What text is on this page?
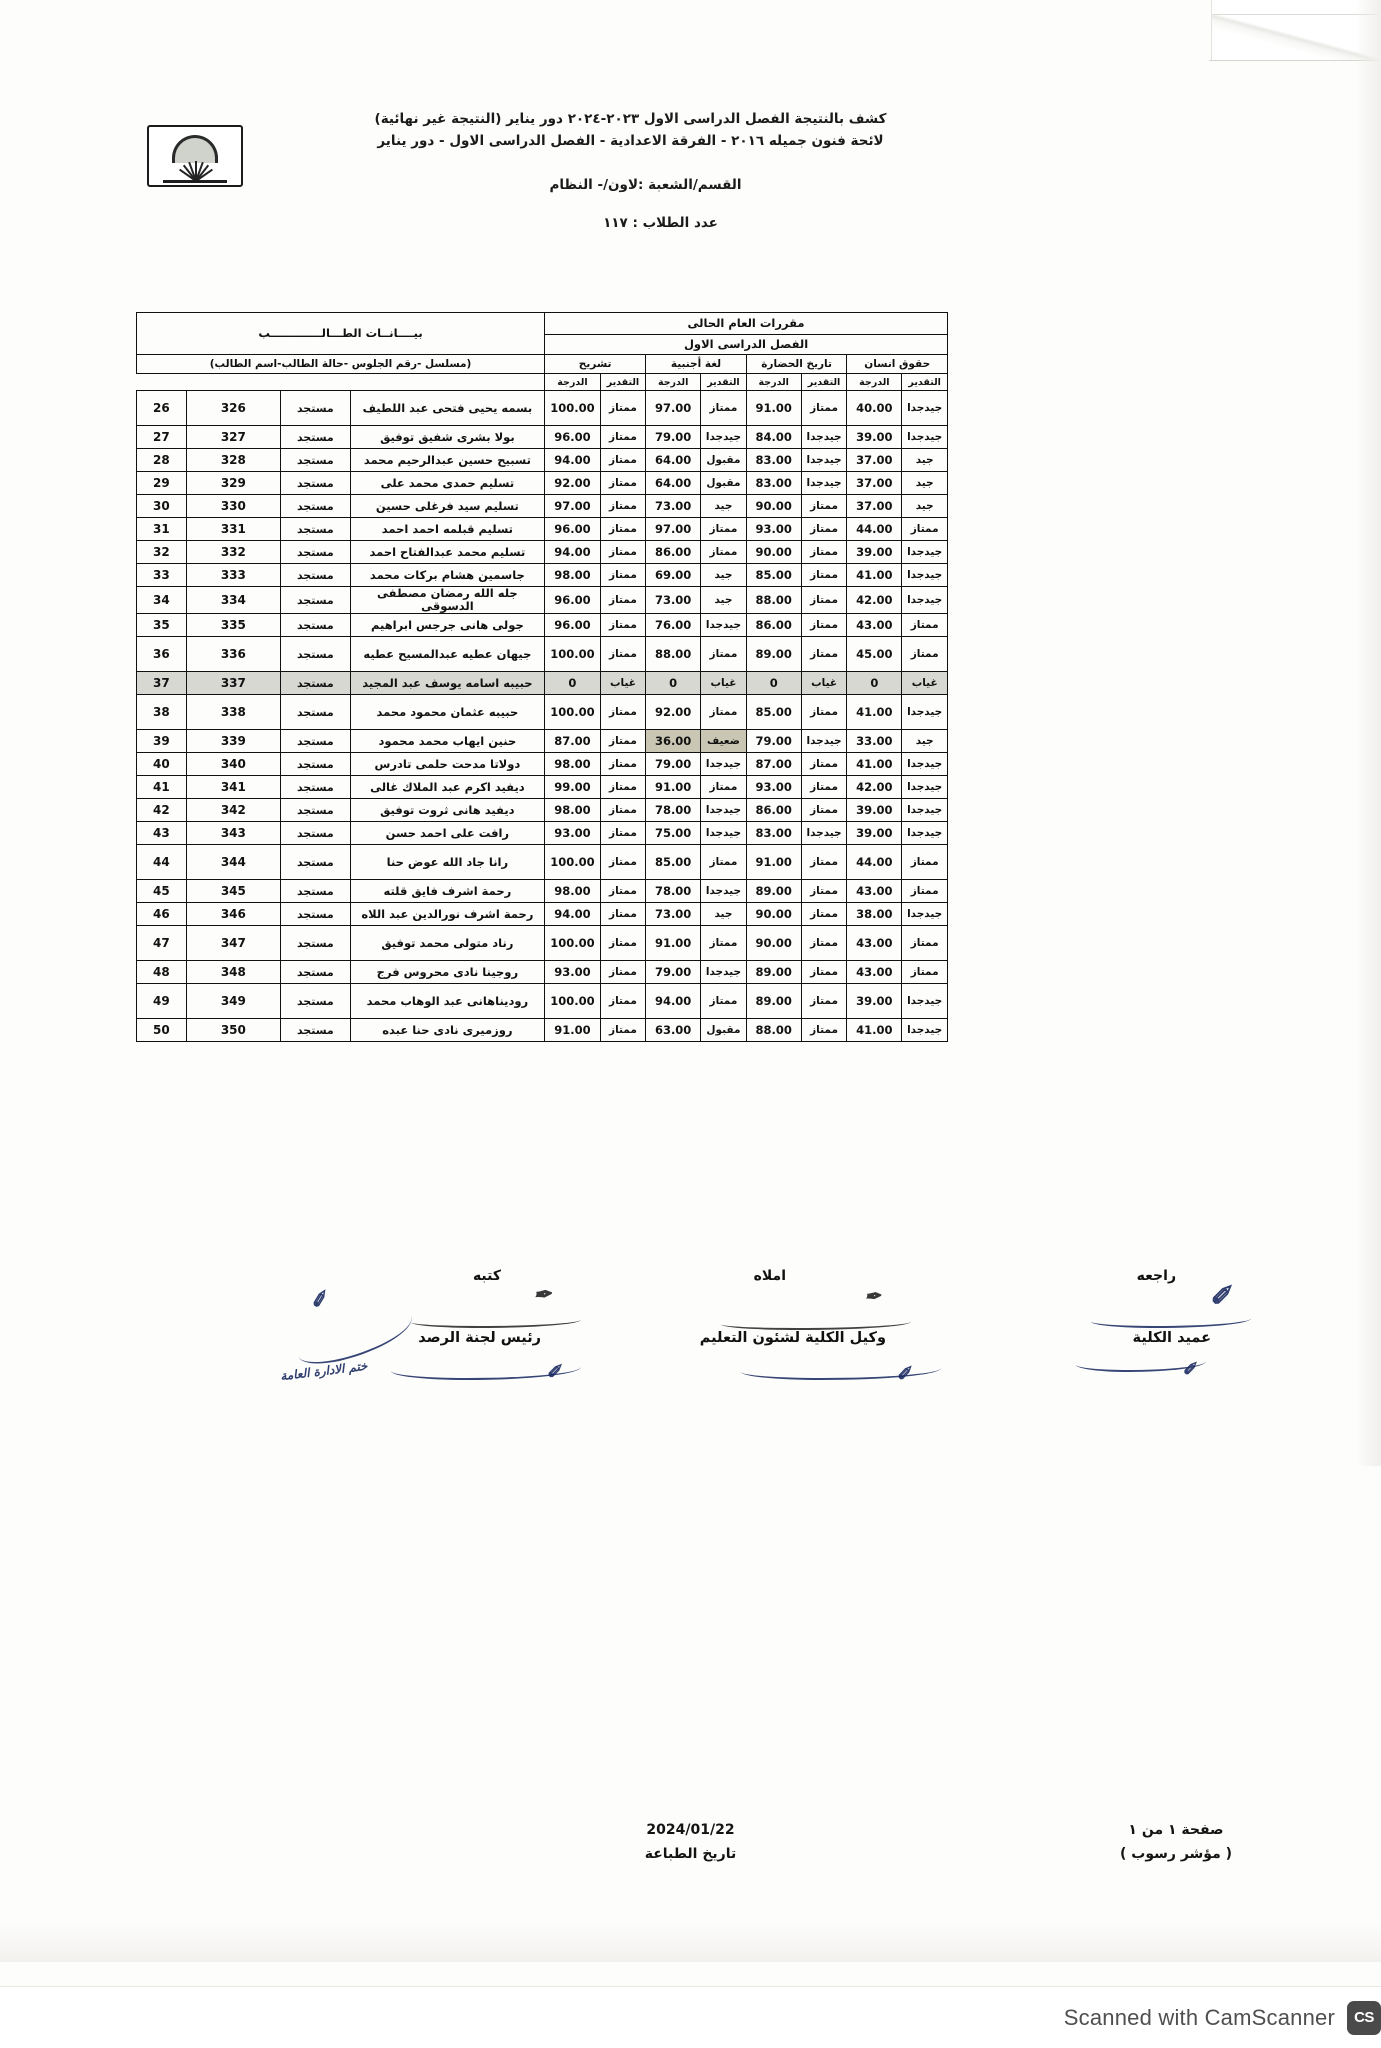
كشف بالنتيجة الفصل الدراسى الاول ٢٠٢٣-٢٠٢٤ دور يناير (النتيجة غير نهائية)
لائحة فنون جميله ٢٠١٦ - الفرقة الاعدادية - الفصل الدراسى الاول - دور يناير
القسم/الشعبة :لاون/- النظام
عدد الطلاب : ١١٧
مقررات العام الحالى								بيــــانــات الطـــالـــــــــــــب			
الفصل الدراسى الاول											
حقوق انسان		تاريخ الحضارة		لغة أجنبية		تشريح		(مسلسل -رقم الجلوس -حالة الطالب-اسم الطالب)			
التقدير	الدرجة	التقدير	الدرجة	التقدير	الدرجة	التقدير	الدرجة				
جيدجدا	40.00	ممتاز	91.00	ممتاز	97.00	ممتاز	100.00	بسمه يحيى فتحى عبد اللطيف	مستجد	326	26
جيدجدا	39.00	جيدجدا	84.00	جيدجدا	79.00	ممتاز	96.00	بولا بشرى شفيق توفيق	مستجد	327	27
جيد	37.00	جيدجدا	83.00	مقبول	64.00	ممتاز	94.00	تسبيح حسين عبدالرحيم محمد	مستجد	328	28
جيد	37.00	جيدجدا	83.00	مقبول	64.00	ممتاز	92.00	تسليم حمدى محمد على	مستجد	329	29
جيد	37.00	ممتاز	90.00	جيد	73.00	ممتاز	97.00	تسليم سيد فرغلى حسين	مستجد	330	30
ممتاز	44.00	ممتاز	93.00	ممتاز	97.00	ممتاز	96.00	تسليم قبلمه احمد احمد	مستجد	331	31
جيدجدا	39.00	ممتاز	90.00	ممتاز	86.00	ممتاز	94.00	تسليم محمد عبدالفتاح احمد	مستجد	332	32
جيدجدا	41.00	ممتاز	85.00	جيد	69.00	ممتاز	98.00	جاسمين هشام بركات محمد	مستجد	333	33
جيدجدا	42.00	ممتاز	88.00	جيد	73.00	ممتاز	96.00	جله الله رمضان مصطفى الدسوقى	مستجد	334	34
ممتاز	43.00	ممتاز	86.00	جيدجدا	76.00	ممتاز	96.00	جولى هانى جرجس ابراهيم	مستجد	335	35
ممتاز	45.00	ممتاز	89.00	ممتاز	88.00	ممتاز	100.00	جيهان عطيه عبدالمسيح عطيه	مستجد	336	36
غياب	0	غياب	0	غياب	0	غياب	0	حبيبه اسامه يوسف عبد المجيد	مستجد	337	37
جيدجدا	41.00	ممتاز	85.00	ممتاز	92.00	ممتاز	100.00	حبيبه عثمان محمود محمد	مستجد	338	38
جيد	33.00	جيدجدا	79.00	ضعيف	36.00	ممتاز	87.00	حنين ايهاب محمد محمود	مستجد	339	39
جيدجدا	41.00	ممتاز	87.00	جيدجدا	79.00	ممتاز	98.00	دولاتا مدحت حلمى تادرس	مستجد	340	40
جيدجدا	42.00	ممتاز	93.00	ممتاز	91.00	ممتاز	99.00	ديفيد اكرم عبد الملاك غالى	مستجد	341	41
جيدجدا	39.00	ممتاز	86.00	جيدجدا	78.00	ممتاز	98.00	ديفيد هانى ثروت توفيق	مستجد	342	42
جيدجدا	39.00	جيدجدا	83.00	جيدجدا	75.00	ممتاز	93.00	رافت على احمد حسن	مستجد	343	43
ممتاز	44.00	ممتاز	91.00	ممتاز	85.00	ممتاز	100.00	رانا جاد الله عوض حنا	مستجد	344	44
ممتاز	43.00	ممتاز	89.00	جيدجدا	78.00	ممتاز	98.00	رحمة اشرف فايق قلته	مستجد	345	45
جيدجدا	38.00	ممتاز	90.00	جيد	73.00	ممتاز	94.00	رحمة اشرف نورالدين عبد اللاه	مستجد	346	46
ممتاز	43.00	ممتاز	90.00	ممتاز	91.00	ممتاز	100.00	رناد متولى محمد توفيق	مستجد	347	47
ممتاز	43.00	ممتاز	89.00	جيدجدا	79.00	ممتاز	93.00	روجينا نادى محروس فرج	مستجد	348	48
جيدجدا	39.00	ممتاز	89.00	ممتاز	94.00	ممتاز	100.00	روديناهانى عبد الوهاب محمد	مستجد	349	49
جيدجدا	41.00	ممتاز	88.00	مقبول	63.00	ممتاز	91.00	روزميرى نادى حنا عبده	مستجد	350	50
راجعه
املاه
كتبه
✐
✒
✒
عميد الكلية
وكيل الكلية لشئون التعليم
رئيس لجنة الرصد
✐
✐
✐
✐
ختم الادارة العامة
2024/01/22
تاريخ الطباعة
صفحة ١ من ١
( مؤشر رسوب )
CS
Scanned with CamScanner
